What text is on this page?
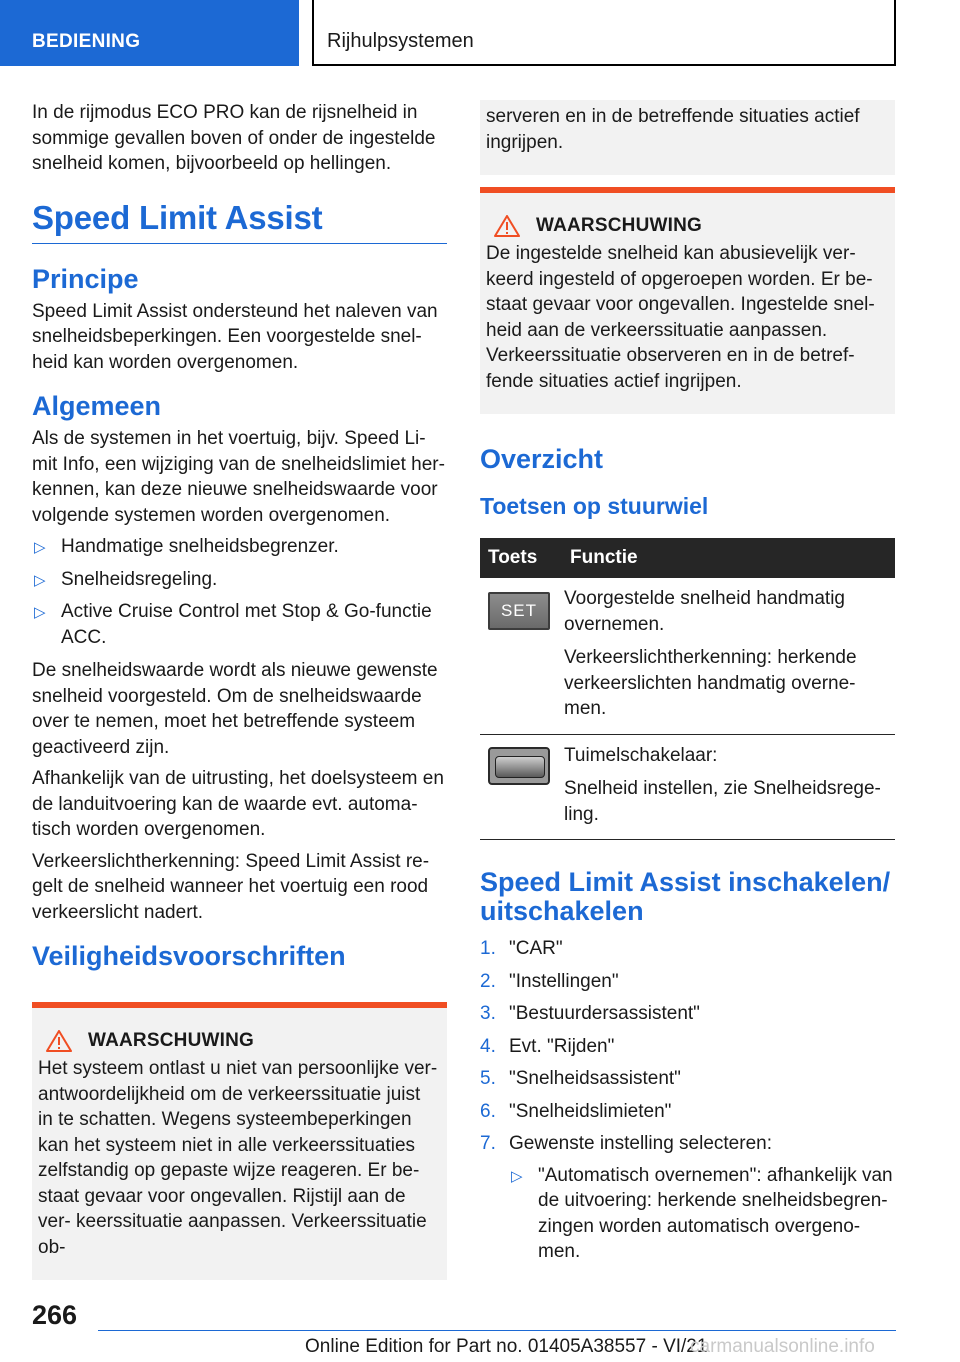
BEDIENING	Rijhulpsystemen

In de rijmodus ECO PRO kan de rijsnelheid in sommige gevallen boven of onder de ingestelde snelheid komen, bijvoorbeeld op hellingen.

Speed Limit Assist
Principe

Speed Limit Assist ondersteund het naleven van snelheidsbeperkingen. Een voorgestelde snel‐ heid kan worden overgenomen.

Algemeen

Als de systemen in het voertuig, bijv. Speed Li‐ mit Info, een wijziging van de snelheidslimiet her‐ kennen, kan deze nieuwe snelheidswaarde voor volgende systemen worden overgenomen.

▷ Handmatige snelheidsbegrenzer.
▷ Snelheidsregeling.
▷ Active Cruise Control met Stop & Go-functie ACC.

De snelheidswaarde wordt als nieuwe gewenste snelheid voorgesteld. Om de snelheidswaarde over te nemen, moet het betreffende systeem geactiveerd zijn.

Afhankelijk van de uitrusting, het doelsysteem en de landuitvoering kan de waarde evt. automa‐ tisch worden overgenomen.

Verkeerslichtherkenning: Speed Limit Assist re‐ gelt de snelheid wanneer het voertuig een rood verkeerslicht nadert.

Veiligheidsvoorschriften
WAARSCHUWING
Het systeem ontlast u niet van persoonlijke ver‐ antwoordelijkheid om de verkeerssituatie juist in te schatten. Wegens systeembeperkingen kan het systeem niet in alle verkeerssituaties zelfstandig op gepaste wijze reageren. Er be‐ staat gevaar voor ongevallen. Rijstijl aan de ver‐ keerssituatie aanpassen. Verkeerssituatie ob‐
serveren en in de betreffende situaties actief ingrijpen.
WAARSCHUWING
De ingestelde snelheid kan abusievelijk ver‐ keerd ingesteld of opgeroepen worden. Er be‐ staat gevaar voor ongevallen. Ingestelde snel‐ heid aan de verkeerssituatie aanpassen. Verkeerssituatie observeren en in de betref‐ fende situaties actief ingrijpen.
Overzicht
Toetsen op stuurwiel
Toets	Functie

SET	Voorgestelde snelheid handmatig overnemen.

Verkeerslichtherkenning: herkende verkeerslichten handmatig overne‐ men.

	Tuimelschakelaar:

Snelheid instellen, zie Snelheidsrege‐ ling.

Speed Limit Assist inschakelen/ uitschakelen
1. "CAR"
2. "Instellingen"
3. "Bestuurdersassistent"
4. Evt. "Rijden"
5. "Snelheidsassistent"
6. "Snelheidslimieten"
7. Gewenste instelling selecteren:
▷ "Automatisch overnemen": afhankelijk van de uitvoering: herkende snelheidsbegren‐ zingen worden automatisch overgeno‐ men.
266
Online Edition for Part no. 01405A38557 - VI/21
carmanualsonline.info
